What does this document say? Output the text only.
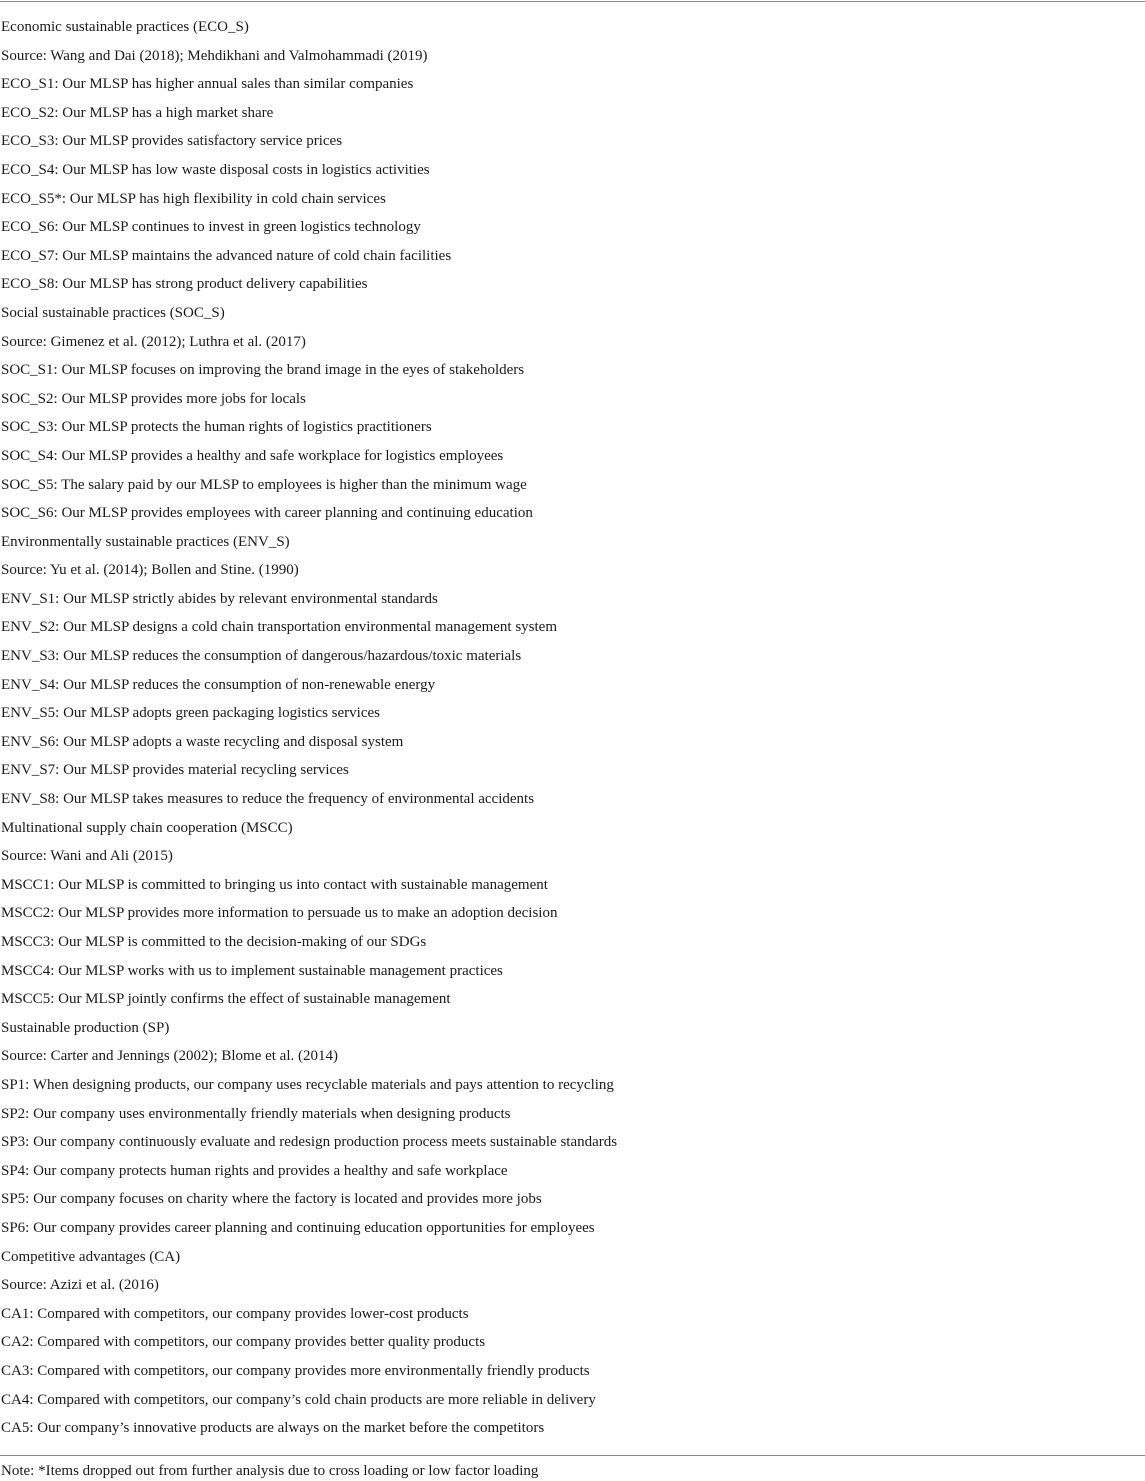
Economic sustainable practices (ECO_S)
Source: Wang and Dai (2018); Mehdikhani and Valmohammadi (2019)
ECO_S1: Our MLSP has higher annual sales than similar companies
ECO_S2: Our MLSP has a high market share
ECO_S3: Our MLSP provides satisfactory service prices
ECO_S4: Our MLSP has low waste disposal costs in logistics activities
ECO_S5*: Our MLSP has high flexibility in cold chain services
ECO_S6: Our MLSP continues to invest in green logistics technology
ECO_S7: Our MLSP maintains the advanced nature of cold chain facilities
ECO_S8: Our MLSP has strong product delivery capabilities
Social sustainable practices (SOC_S)
Source: Gimenez et al. (2012); Luthra et al. (2017)
SOC_S1: Our MLSP focuses on improving the brand image in the eyes of stakeholders
SOC_S2: Our MLSP provides more jobs for locals
SOC_S3: Our MLSP protects the human rights of logistics practitioners
SOC_S4: Our MLSP provides a healthy and safe workplace for logistics employees
SOC_S5: The salary paid by our MLSP to employees is higher than the minimum wage
SOC_S6: Our MLSP provides employees with career planning and continuing education
Environmentally sustainable practices (ENV_S)
Source: Yu et al. (2014); Bollen and Stine. (1990)
ENV_S1: Our MLSP strictly abides by relevant environmental standards
ENV_S2: Our MLSP designs a cold chain transportation environmental management system
ENV_S3: Our MLSP reduces the consumption of dangerous/hazardous/toxic materials
ENV_S4: Our MLSP reduces the consumption of non-renewable energy
ENV_S5: Our MLSP adopts green packaging logistics services
ENV_S6: Our MLSP adopts a waste recycling and disposal system
ENV_S7: Our MLSP provides material recycling services
ENV_S8: Our MLSP takes measures to reduce the frequency of environmental accidents
Multinational supply chain cooperation (MSCC)
Source: Wani and Ali (2015)
MSCC1: Our MLSP is committed to bringing us into contact with sustainable management
MSCC2: Our MLSP provides more information to persuade us to make an adoption decision
MSCC3: Our MLSP is committed to the decision-making of our SDGs
MSCC4: Our MLSP works with us to implement sustainable management practices
MSCC5: Our MLSP jointly confirms the effect of sustainable management
Sustainable production (SP)
Source: Carter and Jennings (2002); Blome et al. (2014)
SP1: When designing products, our company uses recyclable materials and pays attention to recycling
SP2: Our company uses environmentally friendly materials when designing products
SP3: Our company continuously evaluate and redesign production process meets sustainable standards
SP4: Our company protects human rights and provides a healthy and safe workplace
SP5: Our company focuses on charity where the factory is located and provides more jobs
SP6: Our company provides career planning and continuing education opportunities for employees
Competitive advantages (CA)
Source: Azizi et al. (2016)
CA1: Compared with competitors, our company provides lower-cost products
CA2: Compared with competitors, our company provides better quality products
CA3: Compared with competitors, our company provides more environmentally friendly products
CA4: Compared with competitors, our company’s cold chain products are more reliable in delivery
CA5: Our company’s innovative products are always on the market before the competitors
Note: *Items dropped out from further analysis due to cross loading or low factor loading
